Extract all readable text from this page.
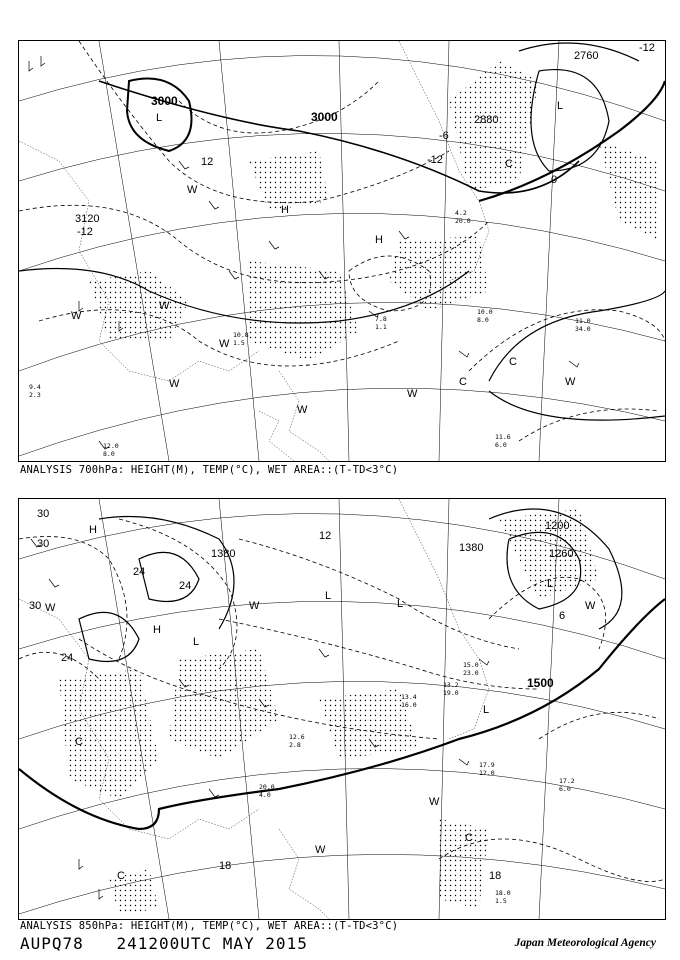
3000
3000	2880
2760
3120
-12
-12
-6
0
12	-12
L
H
H
L
C
C
C
W
W
W
W
W
W
W
W
11.6
6.0
10.0
8.0	11.0
34.0
7.8
1.1
12.0
8.0
9.4
2.3
10.8
1.5
4.2
20.0
ANALYSIS 700hPa: HEIGHT(M), TEMP(°C), WET AREA::(T-TD<3°C)
1500
1380	1260
1200
1380
30
30
30
24
24
24
18
18
12
6
H
H
L
L
L
L
L
C
C
C
W	W
W
W
W
17.2
6.0
17.9
12.0
18.0
1.5
13.4
16.0
13.2
19.0
20.0
4.0
15.0
23.0
12.6
2.8
ANALYSIS 850hPa: HEIGHT(M), TEMP(°C), WET AREA::(T-TD<3°C)
AUPQ78 241200UTC MAY 2015	Japan Meteorological Agency
